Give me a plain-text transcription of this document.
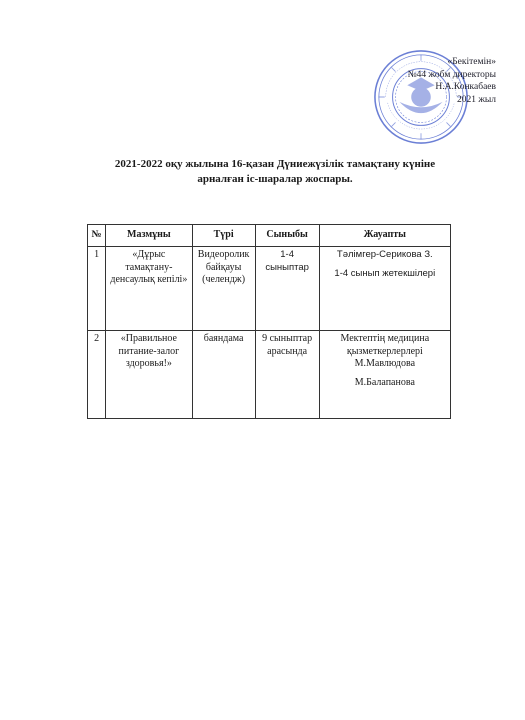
«Бекітемін»
№44 жобм директоры
Н.А.Конкабаев
2021 жыл
2021-2022 оқу жылына 16-қазан Дүниежүзілік тамақтану күніне
арналған іс-шаралар жоспары.
№	Мазмұны	Түрі	Сыныбы	Жауапты
1	«Дұрыс тамақтану-денсаулық кепілі»	Видеоролик байқауы (челендж)	1-4 сыныптар	Тәлімгер-Серикова З.
1-4 сынып жетекшілері

2	«Правильное питание-залог здоровья!»	баяндама	9 сыныптар арасында	Мектептің медицина қызметкерлерлері М.Мавлюдова
М.Балапанова
